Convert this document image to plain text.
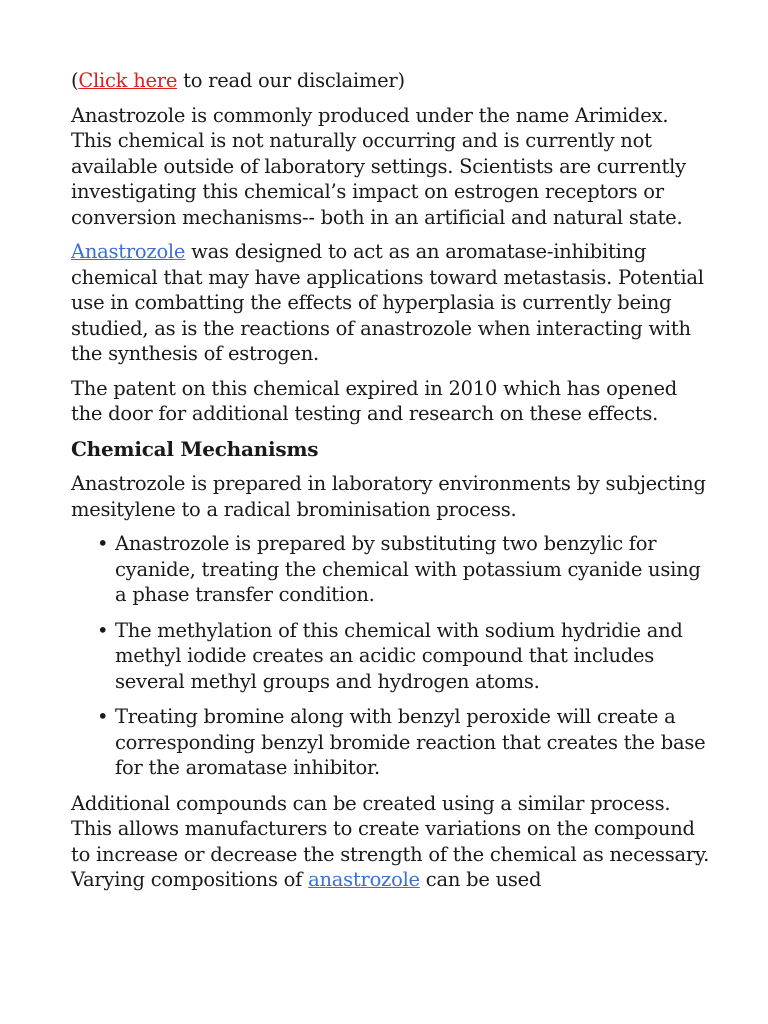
(Click here to read our disclaimer)

Anastrozole is commonly produced under the name Arimidex. This chemical is not naturally occurring and is currently not available outside of laboratory settings. Scientists are currently investigating this chemical’s impact on estrogen receptors or conversion mechanisms-- both in an artificial and natural state.

Anastrozole was designed to act as an aromatase-inhibiting chemical that may have applications toward metastasis. Potential use in combatting the effects of hyperplasia is currently being studied, as is the reactions of anastrozole when interacting with the synthesis of estrogen.

The patent on this chemical expired in 2010 which has opened the door for additional testing and research on these effects.

Chemical Mechanisms

Anastrozole is prepared in laboratory environments by subjecting mesitylene to a radical brominisation process.

• Anastrozole is prepared by substituting two benzylic for cyanide, treating the chemical with potassium cyanide using a phase transfer condition.
• The methylation of this chemical with sodium hydridie and methyl iodide creates an acidic compound that includes several methyl groups and hydrogen atoms.
• Treating bromine along with benzyl peroxide will create a corresponding benzyl bromide reaction that creates the base for the aromatase inhibitor.

Additional compounds can be created using a similar process. This allows manufacturers to create variations on the compound to increase or decrease the strength of the chemical as necessary. Varying compositions of anastrozole can be used
